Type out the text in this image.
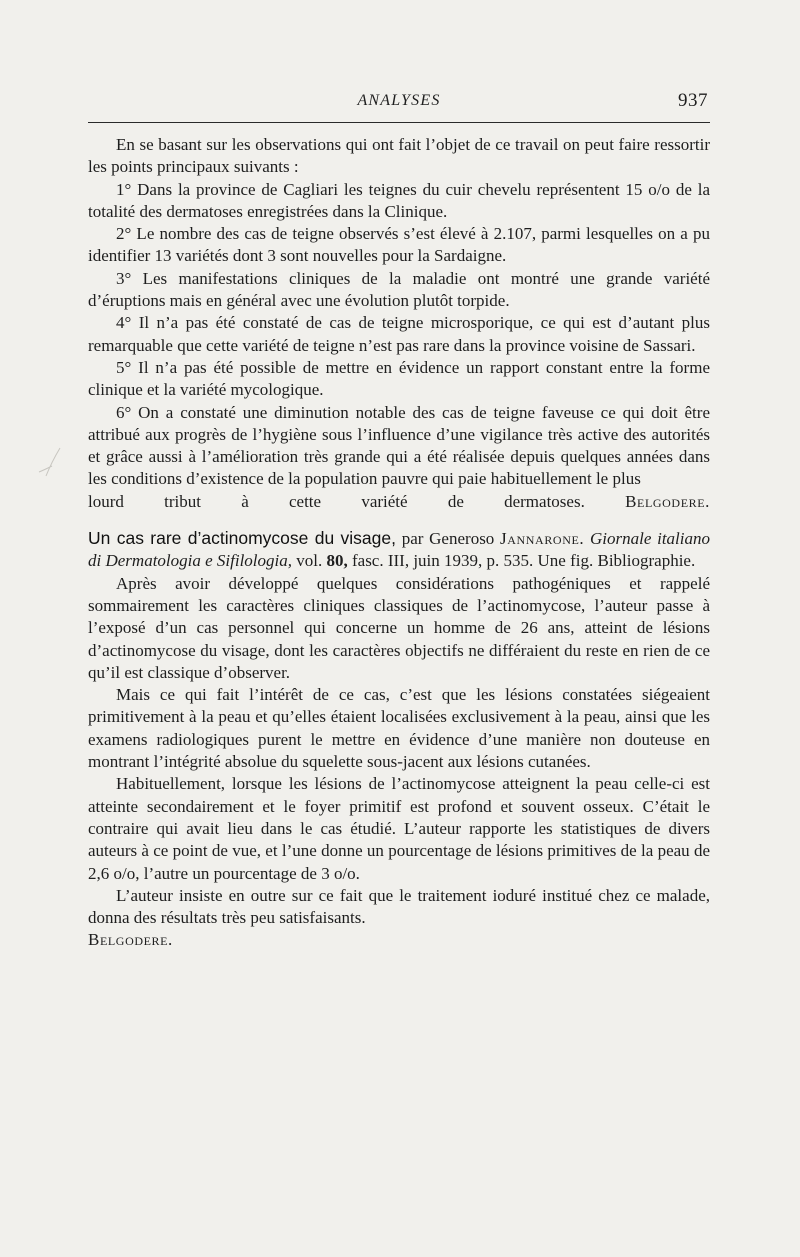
ANALYSES	937

En se basant sur les observations qui ont fait l’objet de ce travail on peut faire ressortir les points principaux suivants :

1° Dans la province de Cagliari les teignes du cuir chevelu représentent 15 o/o de la totalité des dermatoses enregistrées dans la Clinique.

2° Le nombre des cas de teigne observés s’est élevé à 2.107, parmi lesquelles on a pu identifier 13 variétés dont 3 sont nouvelles pour la Sardaigne.

3° Les manifestations cliniques de la maladie ont montré une grande variété d’éruptions mais en général avec une évolution plutôt torpide.

4° Il n’a pas été constaté de cas de teigne microsporique, ce qui est d’autant plus remarquable que cette variété de teigne n’est pas rare dans la province voisine de Sassari.

5° Il n’a pas été possible de mettre en évidence un rapport constant entre la forme clinique et la variété mycologique.

6° On a constaté une diminution notable des cas de teigne faveuse ce qui doit être attribué aux progrès de l’hygiène sous l’influence d’une vigilance très active des autorités et grâce aussi à l’amélioration très grande qui a été réalisée depuis quelques années dans les conditions d’existence de la population pauvre qui paie habituellement le plus

lourd tribut à cette variété de dermatoses. Belgodere.

Un cas rare d’actinomycose du visage, par Generoso Jannarone. Giornale italiano di Dermatologia e Sifilologia, vol. 80, fasc. III, juin 1939, p. 535. Une fig. Bibliographie.

Après avoir développé quelques considérations pathogéniques et rappelé sommairement les caractères cliniques classiques de l’actinomycose, l’auteur passe à l’exposé d’un cas personnel qui concerne un homme de 26 ans, atteint de lésions d’actinomycose du visage, dont les caractères objectifs ne différaient du reste en rien de ce qu’il est classique d’observer.

Mais ce qui fait l’intérêt de ce cas, c’est que les lésions constatées siégeaient primitivement à la peau et qu’elles étaient localisées exclusivement à la peau, ainsi que les examens radiologiques purent le mettre en évidence d’une manière non douteuse en montrant l’intégrité absolue du squelette sous-jacent aux lésions cutanées.

Habituellement, lorsque les lésions de l’actinomycose atteignent la peau celle-ci est atteinte secondairement et le foyer primitif est profond et souvent osseux. C’était le contraire qui avait lieu dans le cas étudié. L’auteur rapporte les statistiques de divers auteurs à ce point de vue, et l’une donne un pourcentage de lésions primitives de la peau de 2,6 o/o, l’autre un pourcentage de 3 o/o.

L’auteur insiste en outre sur ce fait que le traitement ioduré institué chez ce malade, donna des résultats très peu satisfaisants.

Belgodere.
